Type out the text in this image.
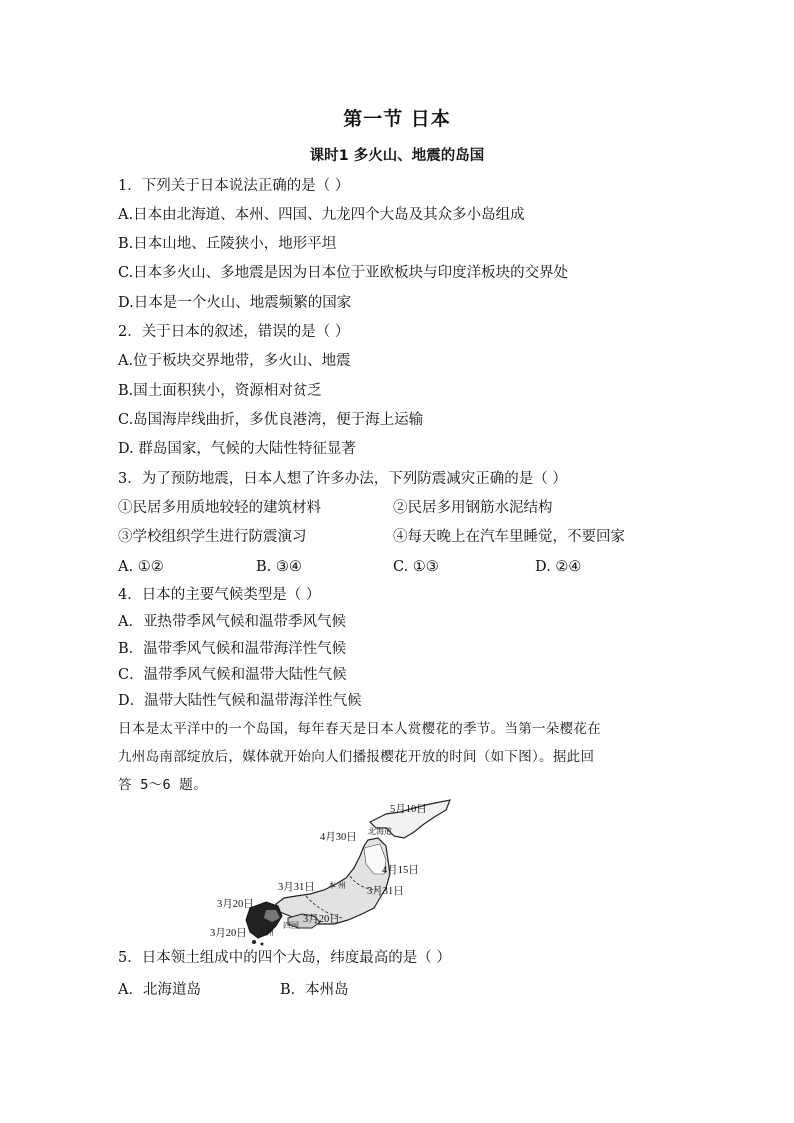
第一节 日本
课时1 多火山、地震的岛国
1．下列关于日本说法正确的是（ ）
A.日本由北海道、本州、四国、九龙四个大岛及其众多小岛组成
B.日本山地、丘陵狭小，地形平坦
C.日本多火山、多地震是因为日本位于亚欧板块与印度洋板块的交界处
D.日本是一个火山、地震频繁的国家
2．关于日本的叙述，错误的是（ ）
A.位于板块交界地带，多火山、地震
B.国土面积狭小，资源相对贫乏
C.岛国海岸线曲折，多优良港湾，便于海上运输
D. 群岛国家，气候的大陆性特征显著
3．为了预防地震，日本人想了许多办法，下列防震减灾正确的是（ ）
①民居多用质地较轻的建筑材料	②民居多用钢筋水泥结构
③学校组织学生进行防震演习	④每天晚上在汽车里睡觉，不要回家
A. ①②	B. ③④	C. ①③	D. ②④
4．日本的主要气候类型是（ ）
A．亚热带季风气候和温带季风气候
B．温带季风气候和温带海洋性气候
C．温带季风气候和温带大陆性气候
D．温带大陆性气候和温带海洋性气候
日本是太平洋中的一个岛国，每年春天是日本人赏樱花的季节。当第一朵樱花在
九州岛南部绽放后，媒体就开始向人们播报樱花开放的时间（如下图）。据此回
答 5～6 题。
5月10日
4月30日
北海道
4月15日
3月31日 本 州
3月31日
3月20日
3月20日
四国
3月20日 九州
5．日本领土组成中的四个大岛，纬度最高的是（ ）
A．北海道岛	B．本州岛
